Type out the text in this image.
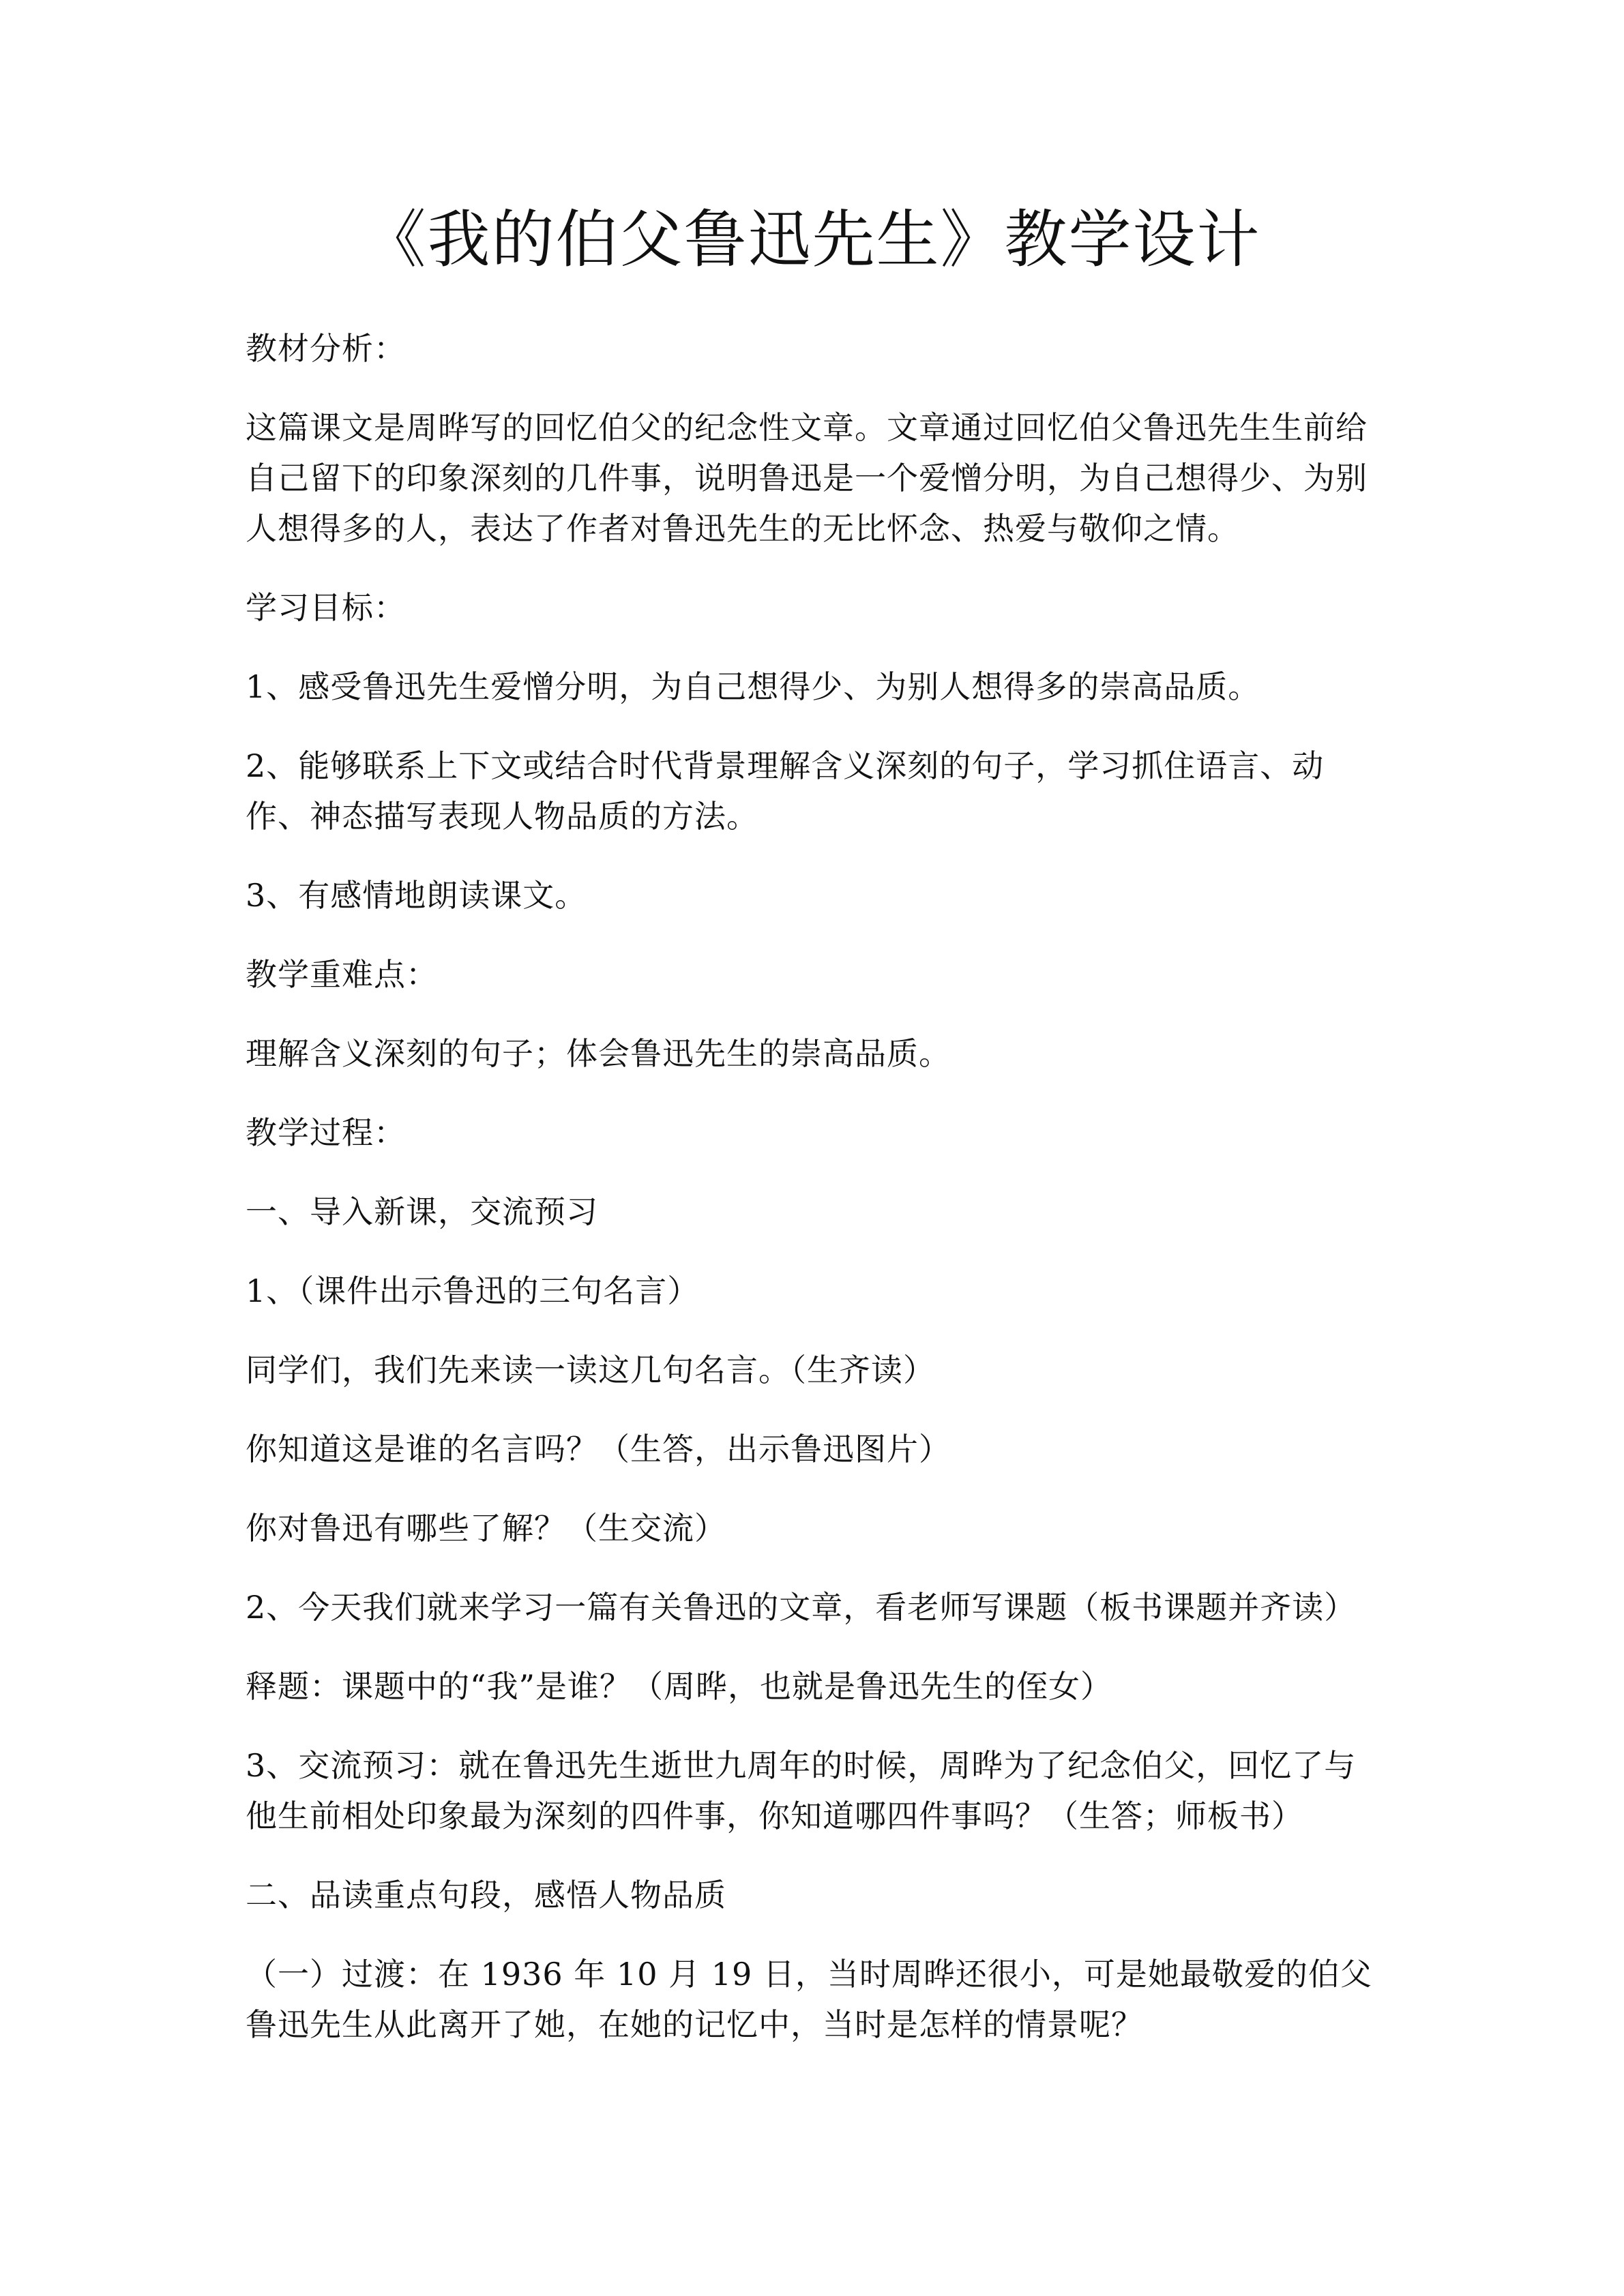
《我的伯父鲁迅先生》教学设计

教材分析：

这篇课文是周晔写的回忆伯父的纪念性文章。文章通过回忆伯父鲁迅先生生前给自己留下的印象深刻的几件事，说明鲁迅是一个爱憎分明，为自己想得少、为别人想得多的人，表达了作者对鲁迅先生的无比怀念、热爱与敬仰之情。

学习目标：

1、感受鲁迅先生爱憎分明，为自己想得少、为别人想得多的崇高品质。

2、能够联系上下文或结合时代背景理解含义深刻的句子，学习抓住语言、动作、神态描写表现人物品质的方法。

3、有感情地朗读课文。

教学重难点：

理解含义深刻的句子；体会鲁迅先生的崇高品质。

教学过程：

一、导入新课，交流预习

1、（课件出示鲁迅的三句名言）

同学们，我们先来读一读这几句名言。（生齐读）

你知道这是谁的名言吗？（生答，出示鲁迅图片）

你对鲁迅有哪些了解？（生交流）

2、今天我们就来学习一篇有关鲁迅的文章，看老师写课题（板书课题并齐读）

释题：课题中的“我”是谁？（周晔，也就是鲁迅先生的侄女）

3、交流预习：就在鲁迅先生逝世九周年的时候，周晔为了纪念伯父，回忆了与他生前相处印象最为深刻的四件事，你知道哪四件事吗？（生答；师板书）

二、品读重点句段，感悟人物品质

（一）过渡：在 1936 年 10 月 19 日，当时周晔还很小，可是她最敬爱的伯父鲁迅先生从此离开了她，在她的记忆中，当时是怎样的情景呢？
